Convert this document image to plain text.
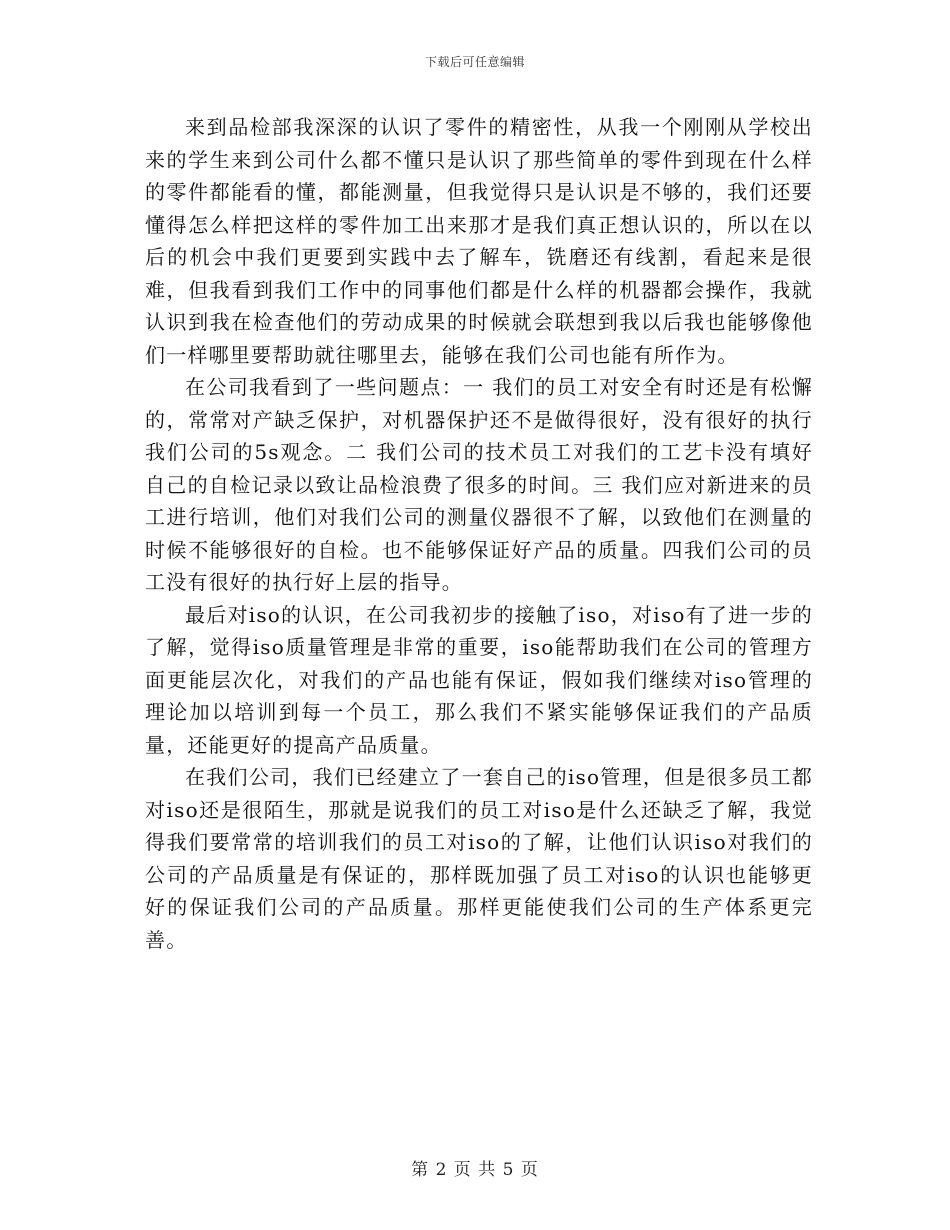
下载后可任意编辑

来到品检部我深深的认识了零件的精密性，从我一个刚刚从学校出来的学生来到公司什么都不懂只是认识了那些简单的零件到现在什么样的零件都能看的懂，都能测量，但我觉得只是认识是不够的，我们还要懂得怎么样把这样的零件加工出来那才是我们真正想认识的，所以在以后的机会中我们更要到实践中去了解车，铣磨还有线割，看起来是很难，但我看到我们工作中的同事他们都是什么样的机器都会操作，我就认识到我在检查他们的劳动成果的时候就会联想到我以后我也能够像他们一样哪里要帮助就往哪里去，能够在我们公司也能有所作为。

在公司我看到了一些问题点：一 我们的员工对安全有时还是有松懈的，常常对产缺乏保护，对机器保护还不是做得很好，没有很好的执行我们公司的5s观念。二 我们公司的技术员工对我们的工艺卡没有填好自己的自检记录以致让品检浪费了很多的时间。三 我们应对新进来的员工进行培训，他们对我们公司的测量仪器很不了解，以致他们在测量的时候不能够很好的自检。也不能够保证好产品的质量。四我们公司的员工没有很好的执行好上层的指导。

最后对iso的认识，在公司我初步的接触了iso，对iso有了进一步的了解，觉得iso质量管理是非常的重要，iso能帮助我们在公司的管理方面更能层次化，对我们的产品也能有保证，假如我们继续对iso管理的理论加以培训到每一个员工，那么我们不紧实能够保证我们的产品质量，还能更好的提高产品质量。

在我们公司，我们已经建立了一套自己的iso管理，但是很多员工都对iso还是很陌生，那就是说我们的员工对iso是什么还缺乏了解，我觉得我们要常常的培训我们的员工对iso的了解，让他们认识iso对我们的公司的产品质量是有保证的，那样既加强了员工对iso的认识也能够更好的保证我们公司的产品质量。那样更能使我们公司的生产体系更完善。

第 2 页 共 5 页
